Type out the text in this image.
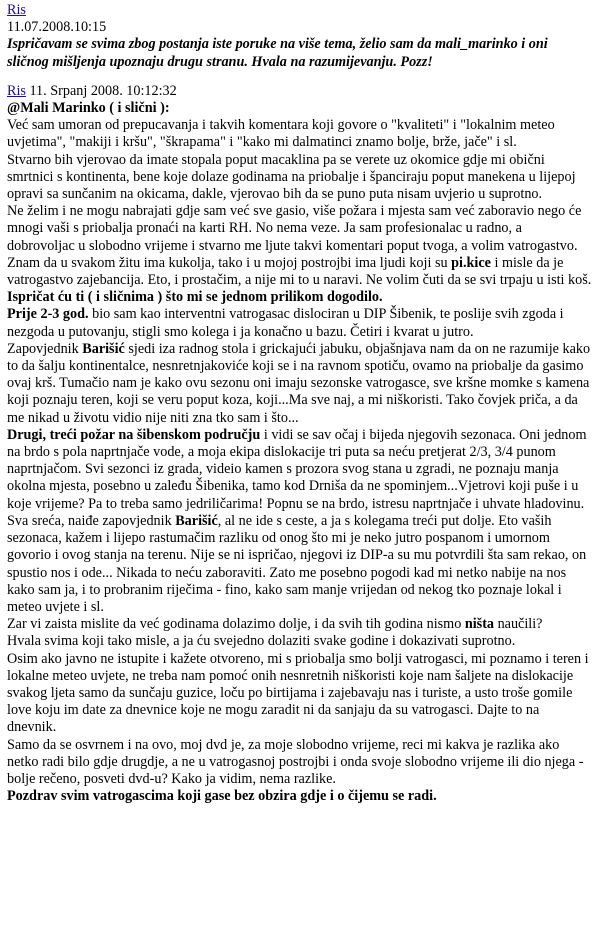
Ris
11.07.2008.10:15
Ispričavam se svima zbog postanja iste poruke na više tema, želio sam da mali_marinko i oni sličnog mišljenja upoznaju drugu stranu. Hvala na razumijevanju. Pozz!
Ris 11. Srpanj 2008. 10:12:32
@Mali Marinko ( i slični ):
Već sam umoran od prepucavanja i takvih komentara koji govore o "kvaliteti" i "lokalnim meteo uvjetima", "makiji i kršu", "škrapama" i "kako mi dalmatinci znamo bolje, brže, jače" i sl.
Stvarno bih vjerovao da imate stopala poput macaklina pa se verete uz okomice gdje mi obični smrtnici s kontinenta, bene koje dolaze godinama na priobalje i španciraju poput manekena u lijepoj opravi sa sunčanim na okicama, dakle, vjerovao bih da se puno puta nisam uvjerio u suprotno.
Ne želim i ne mogu nabrajati gdje sam već sve gasio, više požara i mjesta sam već zaboravio nego će mnogi vaši s priobalja pronaći na karti RH. No nema veze. Ja sam profesionalac u radno, a dobrovoljac u slobodno vrijeme i stvarno me ljute takvi komentari poput tvoga, a volim vatrogastvo. Znam da u svakom žitu ima kukolja, tako i u mojoj postrojbi ima ljudi koji su pi.kice i misle da je vatrogastvo zajebancija. Eto, i prostačim, a nije mi to u naravi. Ne volim čuti da se svi trpaju u isti koš.
Ispričat ću ti ( i sličnima ) što mi se jednom prilikom dogodilo.
Prije 2-3 god. bio sam kao interventni vatrogasac dislociran u DIP Šibenik, te poslije svih zgoda i nezgoda u putovanju, stigli smo kolega i ja konačno u bazu. Četiri i kvarat u jutro.
Zapovjednik Barišić sjedi iza radnog stola i grickajući jabuku, objašnjava nam da on ne razumije kako to da šalju kontinentalce, nesnretnjakoviće koji se i na ravnom spotiču, ovamo na priobalje da gasimo ovaj krš. Tumačio nam je kako ovu sezonu oni imaju sezonske vatrogasce, sve kršne momke s kamena koji poznaju teren, koji se veru poput koza, koji...Ma sve naj, a mi niškoristi. Tako čovjek priča, a da me nikad u životu vidio nije niti zna tko sam i što...
Drugi, treći požar na šibenskom području i vidi se sav očaj i bijeda njegovih sezonaca. Oni jednom na brdo s pola naprtnjače vode, a moja ekipa dislokacije tri puta sa neću pretjerat 2/3, 3/4 punom naprtnjačom. Svi sezonci iz grada, videio kamen s prozora svog stana u zgradi, ne poznaju manja okolna mjesta, posebno u zaleđu Šibenika, tamo kod Drniša da ne spominjem...Vjetrovi koji puše i u koje vrijeme? Pa to treba samo jedriličarima! Popnu se na brdo, istresu naprtnjače i uhvate hladovinu. Sva sreća, naiđe zapovjednik Barišić, al ne ide s ceste, a ja s kolegama treći put dolje. Eto vaših sezonaca, kažem i lijepo rastumačim razliku od onog što mi je neko jutro pospanom i umornom govorio i ovog stanja na terenu. Nije se ni ispričao, njegovi iz DIP-a su mu potvrdili šta sam rekao, on spustio nos i ode... Nikada to neću zaboraviti. Zato me posebno pogodi kad mi netko nabije na nos kako sam ja, i to probranim riječima - fino, kako sam manje vrijedan od nekog tko poznaje lokal i meteo uvjete i sl.
Zar vi zaista mislite da već godinama dolazimo dolje, i da svih tih godina nismo ništa naučili?
Hvala svima koji tako misle, a ja ću svejedno dolaziti svake godine i dokazivati suprotno.
Osim ako javno ne istupite i kažete otvoreno, mi s priobalja smo bolji vatrogasci, mi poznamo i teren i lokalne meteo uvjete, ne treba nam pomoć onih nesnretnih niškoristi koje nam šaljete na dislokacije svakog ljeta samo da sunčaju guzice, loču po birtijama i zajebavaju nas i turiste, a usto troše gomile love koju im date za dnevnice koje ne mogu zaradit ni da sanjaju da su vatrogasci. Dajte to na dnevnik.
Samo da se osvrnem i na ovo, moj dvd je, za moje slobodno vrijeme, reci mi kakva je razlika ako netko radi bilo gdje drugdje, a ne u vatrogasnoj postrojbi i onda svoje slobodno vrijeme ili dio njega - bolje rečeno, posveti dvd-u? Kako ja vidim, nema razlike.
Pozdrav svim vatrogascima koji gase bez obzira gdje i o čijemu se radi.
